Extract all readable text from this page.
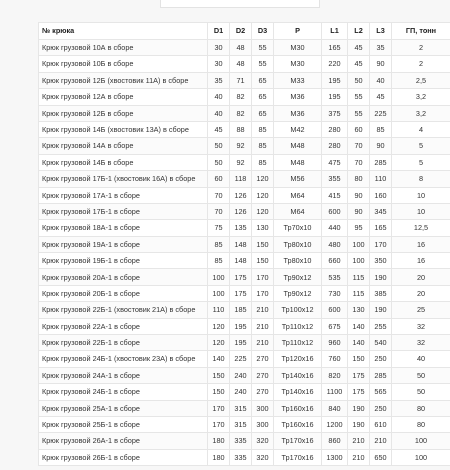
№ крюка	D1	D2	D3	P	L1	L2	L3	ГП, тонн
Крюк грузовой 10А в сборе	30	48	55	М30	165	45	35	2
Крюк грузовой 10Б в сборе	30	48	55	М30	220	45	90	2
Крюк грузовой 12Б (хвостовик 11А) в сборе	35	71	65	М33	195	50	40	2,5
Крюк грузовой 12А в сборе	40	82	65	М36	195	55	45	3,2
Крюк грузовой 12Б в сборе	40	82	65	М36	375	55	225	3,2
Крюк грузовой 14Б (хвостовик 13А) в сборе	45	88	85	М42	280	60	85	4
Крюк грузовой 14А в сборе	50	92	85	М48	280	70	90	5
Крюк грузовой 14Б в сборе	50	92	85	М48	475	70	285	5
Крюк грузовой 17Б-1 (хвостовик 16А) в сборе	60	118	120	М56	355	80	110	8
Крюк грузовой 17А-1 в сборе	70	126	120	М64	415	90	160	10
Крюк грузовой 17Б-1 в сборе	70	126	120	М64	600	90	345	10
Крюк грузовой 18А-1 в сборе	75	135	130	Тр70х10	440	95	165	12,5
Крюк грузовой 19А-1 в сборе	85	148	150	Тр80х10	480	100	170	16
Крюк грузовой 19Б-1 в сборе	85	148	150	Тр80х10	660	100	350	16
Крюк грузовой 20А-1 в сборе	100	175	170	Тр90х12	535	115	190	20
Крюк грузовой 20Б-1 в сборе	100	175	170	Тр90х12	730	115	385	20
Крюк грузовой 22Б-1 (хвостовик 21А) в сборе	110	185	210	Тр100х12	600	130	190	25
Крюк грузовой 22А-1 в сборе	120	195	210	Тр110х12	675	140	255	32
Крюк грузовой 22Б-1 в сборе	120	195	210	Тр110х12	960	140	540	32
Крюк грузовой 24Б-1 (хвостовик 23А) в сборе	140	225	270	Тр120х16	760	150	250	40
Крюк грузовой 24А-1 в сборе	150	240	270	Тр140х16	820	175	285	50
Крюк грузовой 24Б-1 в сборе	150	240	270	Тр140х16	1100	175	565	50
Крюк грузовой 25А-1 в сборе	170	315	300	Тр160х16	840	190	250	80
Крюк грузовой 25Б-1 в сборе	170	315	300	Тр160х16	1200	190	610	80
Крюк грузовой 26А-1 в сборе	180	335	320	Тр170х16	860	210	210	100
Крюк грузовой 26Б-1 в сборе	180	335	320	Тр170х16	1300	210	650	100
